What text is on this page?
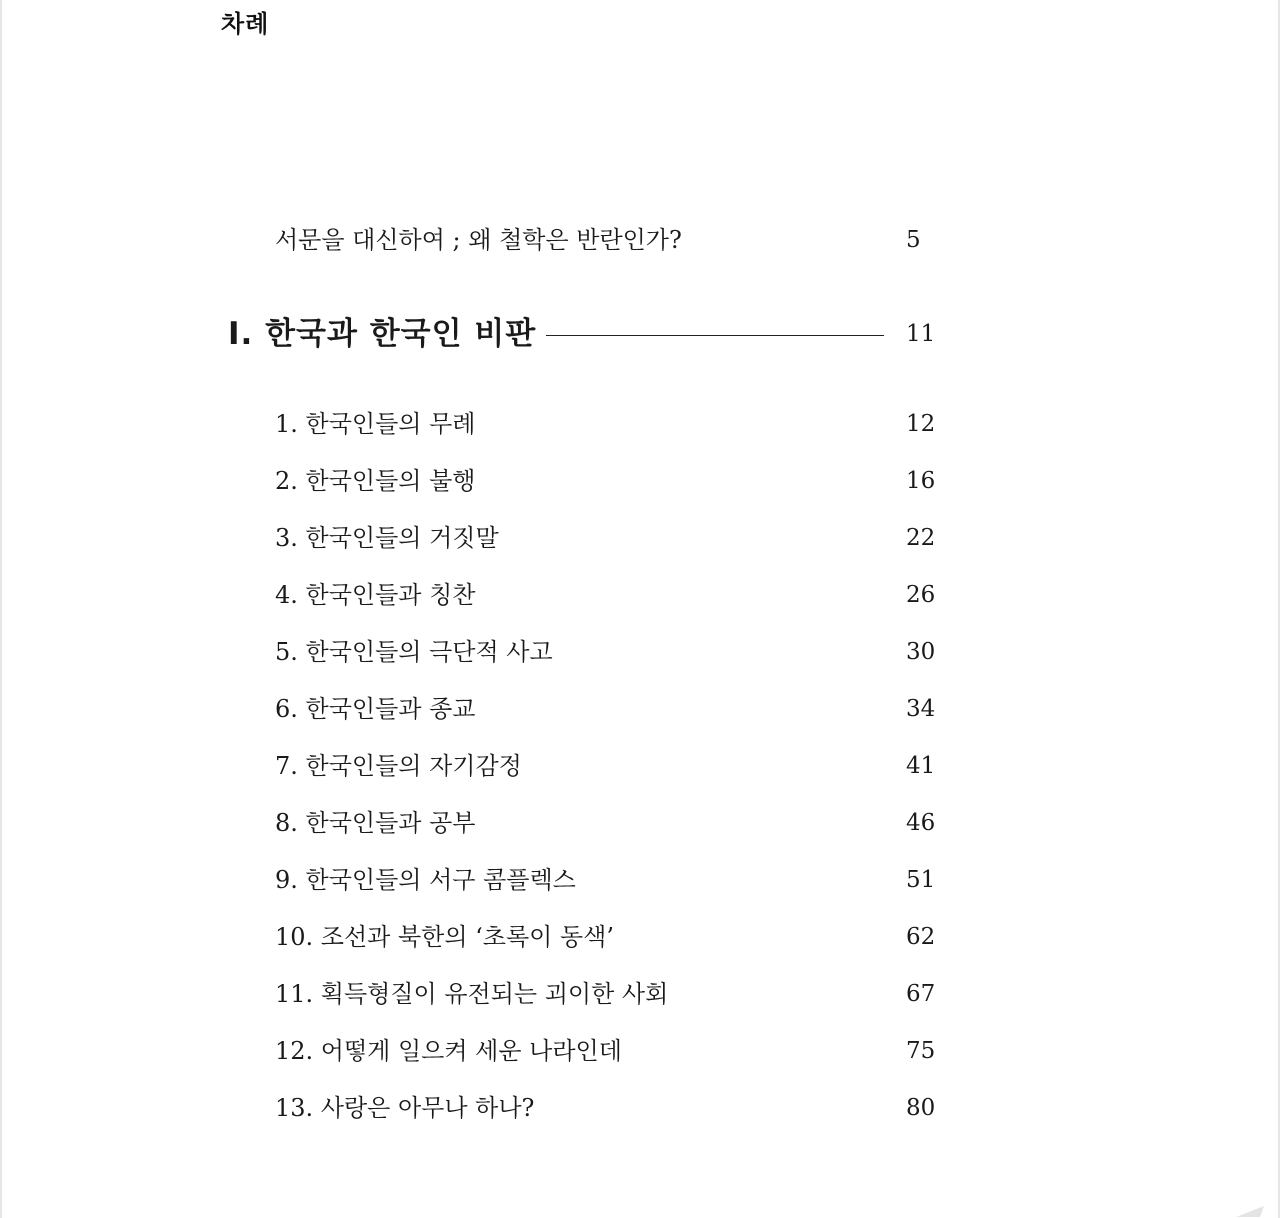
차례
서문을 대신하여 ; 왜 철학은 반란인가?	5
Ⅰ. 한국과 한국인 비판	11
1. 한국인들의 무례	12
2. 한국인들의 불행	16
3. 한국인들의 거짓말	22
4. 한국인들과 칭찬	26
5. 한국인들의 극단적 사고	30
6. 한국인들과 종교	34
7. 한국인들의 자기감정	41
8. 한국인들과 공부	46
9. 한국인들의 서구 콤플렉스	51
10. 조선과 북한의 ‘초록이 동색’	62
11. 획득형질이 유전되는 괴이한 사회	67
12. 어떻게 일으켜 세운 나라인데	75
13. 사랑은 아무나 하나?	80
